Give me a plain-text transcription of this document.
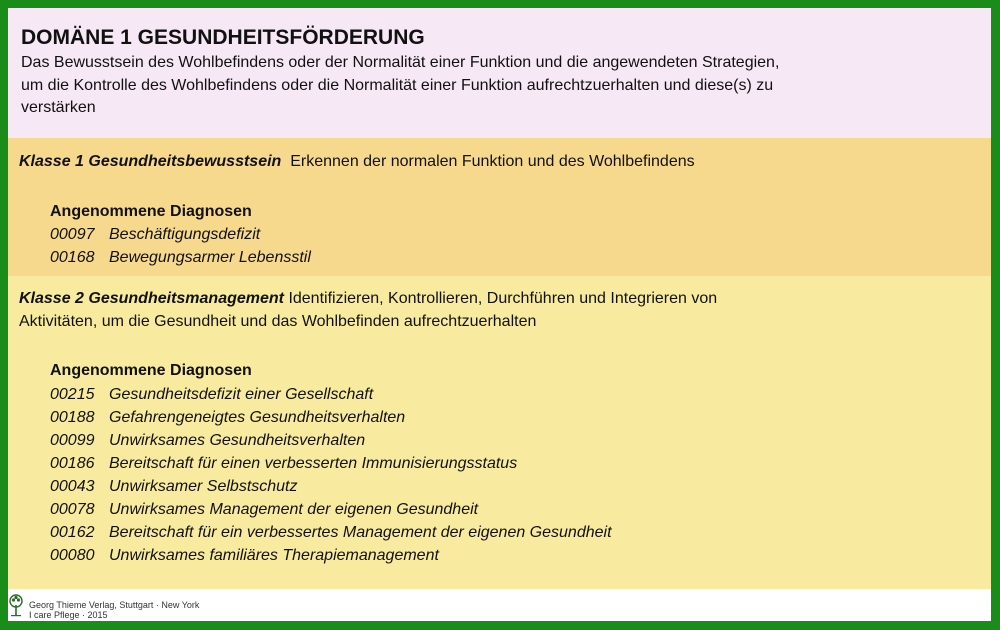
DOMÄNE 1 GESUNDHEITSFÖRDERUNG
Das Bewusstsein des Wohlbefindens oder der Normalität einer Funktion und die angewendeten Strategien, um die Kontrolle des Wohlbefindens oder die Normalität einer Funktion aufrechtzuerhalten und diese(s) zu verstärken
Klasse 1 Gesundheitsbewusstsein Erkennen der normalen Funktion und des Wohlbefindens
Angenommene Diagnosen
00097 Beschäftigungsdefizit
00168 Bewegungsarmer Lebensstil
Klasse 2 Gesundheitsmanagement Identifizieren, Kontrollieren, Durchführen und Integrieren von Aktivitäten, um die Gesundheit und das Wohlbefinden aufrechtzuerhalten
Angenommene Diagnosen
00215 Gesundheitsdefizit einer Gesellschaft
00188 Gefahrengeneigtes Gesundheitsverhalten
00099 Unwirksames Gesundheitsverhalten
00186 Bereitschaft für einen verbesserten Immunisierungsstatus
00043 Unwirksamer Selbstschutz
00078 Unwirksames Management der eigenen Gesundheit
00162 Bereitschaft für ein verbessertes Management der eigenen Gesundheit
00080 Unwirksames familiäres Therapiemanagement
Georg Thieme Verlag, Stuttgart · New York
I care Pflege · 2015
